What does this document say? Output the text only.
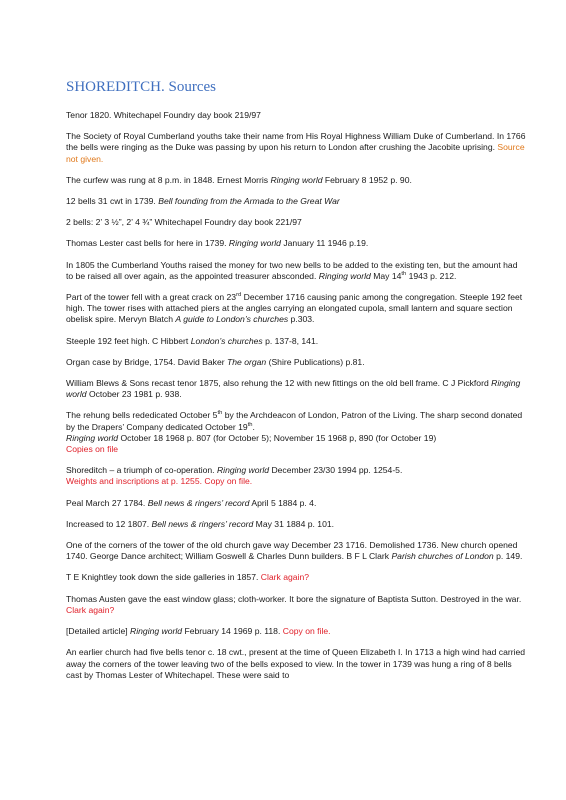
SHOREDITCH. Sources

Tenor 1820. Whitechapel Foundry day book 219/97

The Society of Royal Cumberland youths take their name from His Royal Highness William Duke of Cumberland. In 1766 the bells were ringing as the Duke was passing by upon his return to London after crushing the Jacobite uprising. Source not given.

The curfew was rung at 8 p.m. in 1848. Ernest Morris Ringing world February 8 1952 p. 90.

12 bells 31 cwt in 1739. Bell founding from the Armada to the Great War

2 bells: 2’ 3 ½”, 2’ 4 ¾” Whitechapel Foundry day book 221/97

Thomas Lester cast bells for here in 1739. Ringing world January 11 1946 p.19.

In 1805 the Cumberland Youths raised the money for two new bells to be added to the existing ten, but the amount had to be raised all over again, as the appointed treasurer absconded. Ringing world May 14th 1943 p. 212.

Part of the tower fell with a great crack on 23rd December 1716 causing panic among the congregation. Steeple 192 feet high. The tower rises with attached piers at the angles carrying an elongated cupola, small lantern and square section obelisk spire. Mervyn Blatch A guide to London’s churches p.303.

Steeple 192 feet high. C Hibbert London’s churches p. 137-8, 141.

Organ case by Bridge, 1754. David Baker The organ (Shire Publications) p.81.

William Blews & Sons recast tenor 1875, also rehung the 12 with new fittings on the old bell frame. C J Pickford Ringing world October 23 1981 p. 938.

The rehung bells rededicated October 5th by the Archdeacon of London, Patron of the Living. The sharp second donated by the Drapers’ Company dedicated October 19th.
Ringing world October 18 1968 p. 807 (for October 5); November 15 1968 p, 890 (for October 19)
Copies on file

Shoreditch – a triumph of co-operation. Ringing world December 23/30 1994 pp. 1254-5.
Weights and inscriptions at p. 1255. Copy on file.

Peal March 27 1784. Bell news & ringers’ record April 5 1884 p. 4.

Increased to 12 1807. Bell news & ringers’ record May 31 1884 p. 101.

One of the corners of the tower of the old church gave way December 23 1716. Demolished 1736. New church opened 1740. George Dance architect; William Goswell & Charles Dunn builders. B F L Clark Parish churches of London p. 149.

T E Knightley took down the side galleries in 1857. Clark again?

Thomas Austen gave the east window glass; cloth-worker. It bore the signature of Baptista Sutton. Destroyed in the war. Clark again?

[Detailed article] Ringing world February 14 1969 p. 118. Copy on file.

An earlier church had five bells tenor c. 18 cwt., present at the time of Queen Elizabeth I. In 1713 a high wind had carried away the corners of the tower leaving two of the bells exposed to view. In the tower in 1739 was hung a ring of 8 bells cast by Thomas Lester of Whitechapel. These were said to
